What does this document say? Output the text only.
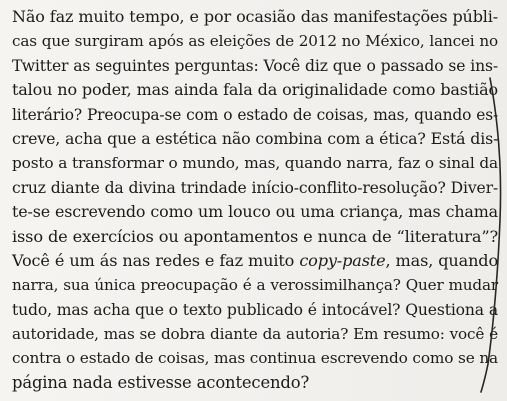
Não faz muito tempo, e por ocasião das manifestações públi-
cas que surgiram após as eleições de 2012 no México, lancei no
Twitter as seguintes perguntas: Você diz que o passado se ins-
talou no poder, mas ainda fala da originalidade como bastião
literário? Preocupa-se com o estado de coisas, mas, quando es-
creve, acha que a estética não combina com a ética? Está dis-
posto a transformar o mundo, mas, quando narra, faz o sinal da
cruz diante da divina trindade início-conflito-resolução? Diver-
te-se escrevendo como um louco ou uma criança, mas chama
isso de exercícios ou apontamentos e nunca de “literatura”?
Você é um ás nas redes e faz muito copy-paste, mas, quando
narra, sua única preocupação é a verossimilhança? Quer mudar
tudo, mas acha que o texto publicado é intocável? Questiona a
autoridade, mas se dobra diante da autoria? Em resumo: você é
contra o estado de coisas, mas continua escrevendo como se na
página nada estivesse acontecendo?
